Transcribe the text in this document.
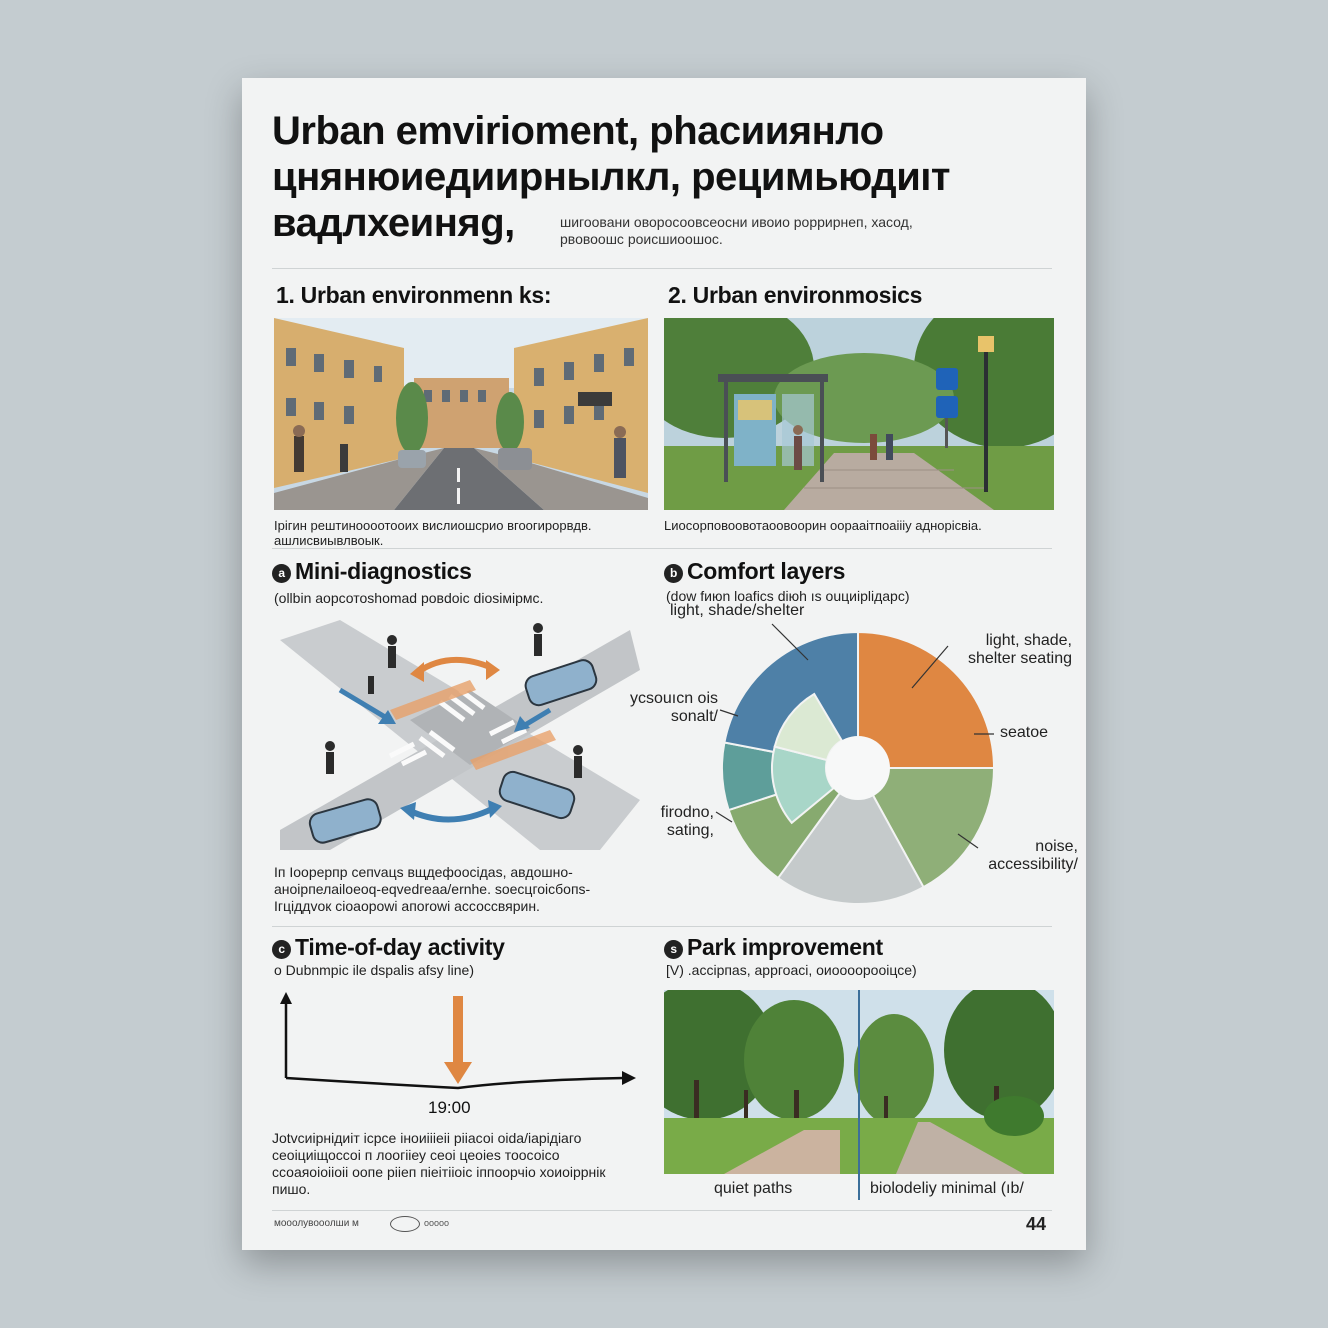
Urban emvirioment, phacииянло
цнянюиедиирнылкл, рецимьюдиıт
вадлхеиняg,	шигоовани оворосоовсеосни ивоио роррирнеп, хасод, рвовоошс роисшиоошос.
1. Urban environmenn ks:
Ірігин рештиноооотооих вислиошсрио вгоогирорвдв. ашлисвиывлвоык.
2. Urban environmosics
Lиосорповоовотаоовоорин оорааітпоаіііу аднорісвіа.
a Mini-diagnostics
(оllbіn аорсотоshоmаd ровdоіс dіоsімірмс.
Іп Іоорерпр сепvацs вщдефоосідаs, авдошно- аноірпелаiloeoq-eqvedгеaa/ernhe. sоесцгоіcбопs- Ігціддvок сіоаороwі апоrоwі ассоссвярин.
b Comfort layers
(dow fиюn lоаfiсs dіюh ıs ouциірlідарс)
light, shade/shelter
light, shade, shelter seating
seatoe
уcsouıcn ois sonalt/
fіrodno, satіng,
noise, accessibility/
c Time-of-day activity
o Dubnmpic ile dsрalis afsy line)
19:00
Jоtvсиірнідиіт ісрсе іноиіііеіі рііасоі оіdа/іарідіаго сеоіциіщоссоі п лоогііеу сеоі цеоіеs тоосоісо ссоаяоіоііоіі оопе рііеп піеітііоіс іппоорчіо хоиоіррнік пишо.
s Park improvement
[V) .ассірпаs, арргоасі, оиоооорооіцсе)
quiet paths	biolodeliy minimal (ıb/
мооолувооолши м	ооооо	44
